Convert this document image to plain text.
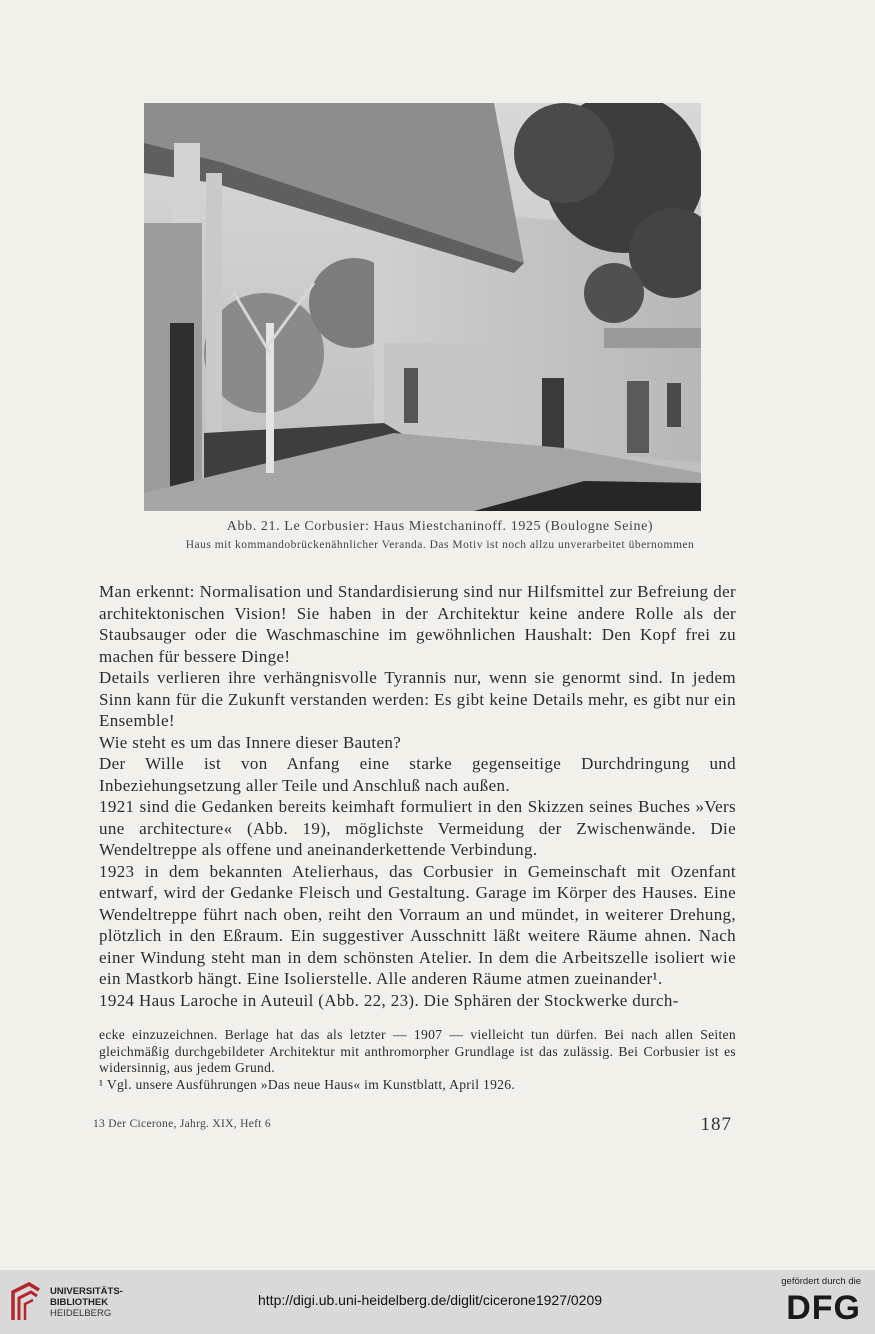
Abb. 21. Le Corbusier: Haus Miestchaninoff. 1925 (Boulogne Seine)
Haus mit kommandobrückenähnlicher Veranda. Das Motiv ist noch allzu unverarbeitet übernommen

Man erkennt: Normalisation und Standardisierung sind nur Hilfsmittel zur Befreiung der architektonischen Vision! Sie haben in der Architektur keine andere Rolle als der Staubsauger oder die Waschmaschine im gewöhnlichen Haushalt: Den Kopf frei zu machen für bessere Dinge!

Details verlieren ihre verhängnisvolle Tyrannis nur, wenn sie genormt sind. In jedem Sinn kann für die Zukunft verstanden werden: Es gibt keine Details mehr, es gibt nur ein Ensemble!

Wie steht es um das Innere dieser Bauten?

Der Wille ist von Anfang eine starke gegenseitige Durchdringung und Inbeziehungsetzung aller Teile und Anschluß nach außen.

1921 sind die Gedanken bereits keimhaft formuliert in den Skizzen seines Buches »Vers une architecture« (Abb. 19), möglichste Vermeidung der Zwischenwände. Die Wendeltreppe als offene und aneinanderkettende Verbindung.

1923 in dem bekannten Atelierhaus, das Corbusier in Gemeinschaft mit Ozenfant entwarf, wird der Gedanke Fleisch und Gestaltung. Garage im Körper des Hauses. Eine Wendeltreppe führt nach oben, reiht den Vorraum an und mündet, in weiterer Drehung, plötzlich in den Eßraum. Ein suggestiver Ausschnitt läßt weitere Räume ahnen. Nach einer Windung steht man in dem schönsten Atelier. In dem die Arbeitszelle isoliert wie ein Mastkorb hängt. Eine Isolierstelle. Alle anderen Räume atmen zueinander¹.

1924 Haus Laroche in Auteuil (Abb. 22, 23). Die Sphären der Stockwerke durch-

ecke einzuzeichnen. Berlage hat das als letzter — 1907 — vielleicht tun dürfen. Bei nach allen Seiten gleichmäßig durchgebildeter Architektur mit anthromorpher Grundlage ist das zulässig. Bei Corbusier ist es widersinnig, aus jedem Grund.

¹ Vgl. unsere Ausführungen »Das neue Haus« im Kunstblatt, April 1926.

13 Der Cicerone, Jahrg. XIX, Heft 6	187
UNIVERSITÄTS-
BIBLIOTHEK
HEIDELBERG
http://digi.ub.uni-heidelberg.de/diglit/cicerone1927/0209
gefördert durch die
DFG
